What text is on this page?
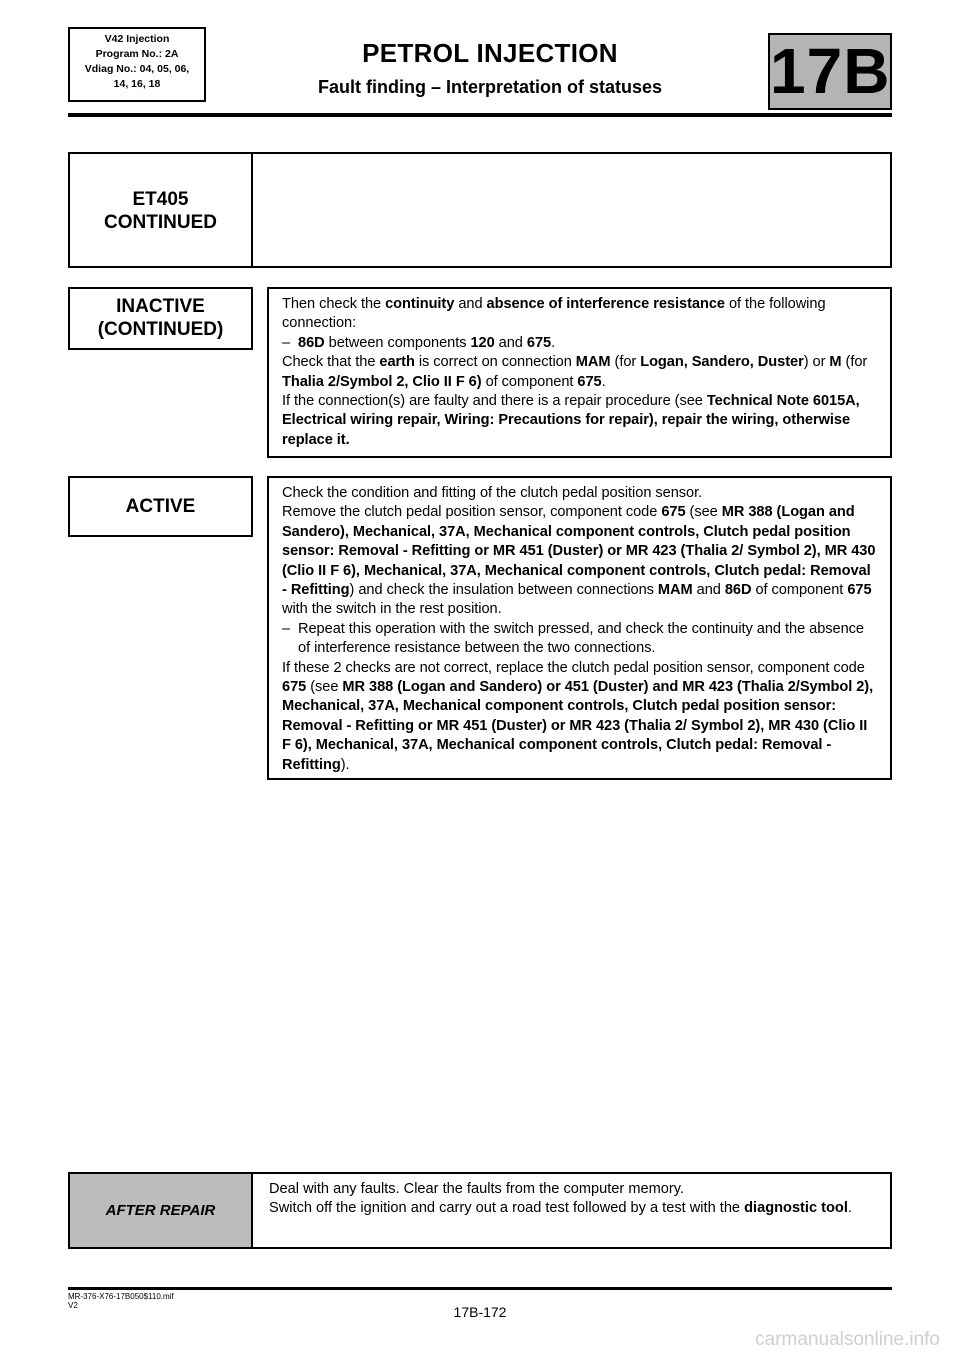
V42 Injection
Program No.: 2A
Vdiag No.: 04, 05, 06,
14, 16, 18
PETROL INJECTION
Fault finding – Interpretation of statuses	17B
ET405
CONTINUED
INACTIVE
(CONTINUED)

Then check the continuity and absence of interference resistance of the following connection:

– 86D between components 120 and 675.

Check that the earth is correct on connection MAM (for Logan, Sandero, Duster) or M (for Thalia 2/Symbol 2, Clio II F 6) of component 675.

If the connection(s) are faulty and there is a repair procedure (see Technical Note 6015A, Electrical wiring repair, Wiring: Precautions for repair), repair the wiring, otherwise replace it.

ACTIVE

Check the condition and fitting of the clutch pedal position sensor.

Remove the clutch pedal position sensor, component code 675 (see MR 388 (Logan and Sandero), Mechanical, 37A, Mechanical component controls, Clutch pedal position sensor: Removal - Refitting or MR 451 (Duster) or MR 423 (Thalia 2/ Symbol 2), MR 430 (Clio II F 6), Mechanical, 37A, Mechanical component controls, Clutch pedal: Removal - Refitting) and check the insulation between connections MAM and 86D of component 675 with the switch in the rest position.

– Repeat this operation with the switch pressed, and check the continuity and the absence of interference resistance between the two connections.

If these 2 checks are not correct, replace the clutch pedal position sensor, component code 675 (see MR 388 (Logan and Sandero) or 451 (Duster) and MR 423 (Thalia 2/Symbol 2), Mechanical, 37A, Mechanical component controls, Clutch pedal position sensor: Removal - Refitting or MR 451 (Duster) or MR 423 (Thalia 2/ Symbol 2), MR 430 (Clio II F 6), Mechanical, 37A, Mechanical component controls, Clutch pedal: Removal - Refitting).

AFTER REPAIR

Deal with any faults. Clear the faults from the computer memory.

Switch off the ignition and carry out a road test followed by a test with the diagnostic tool.

MR-376-X76-17B050$110.mif
V2	17B-172
carmanualsonline.info
